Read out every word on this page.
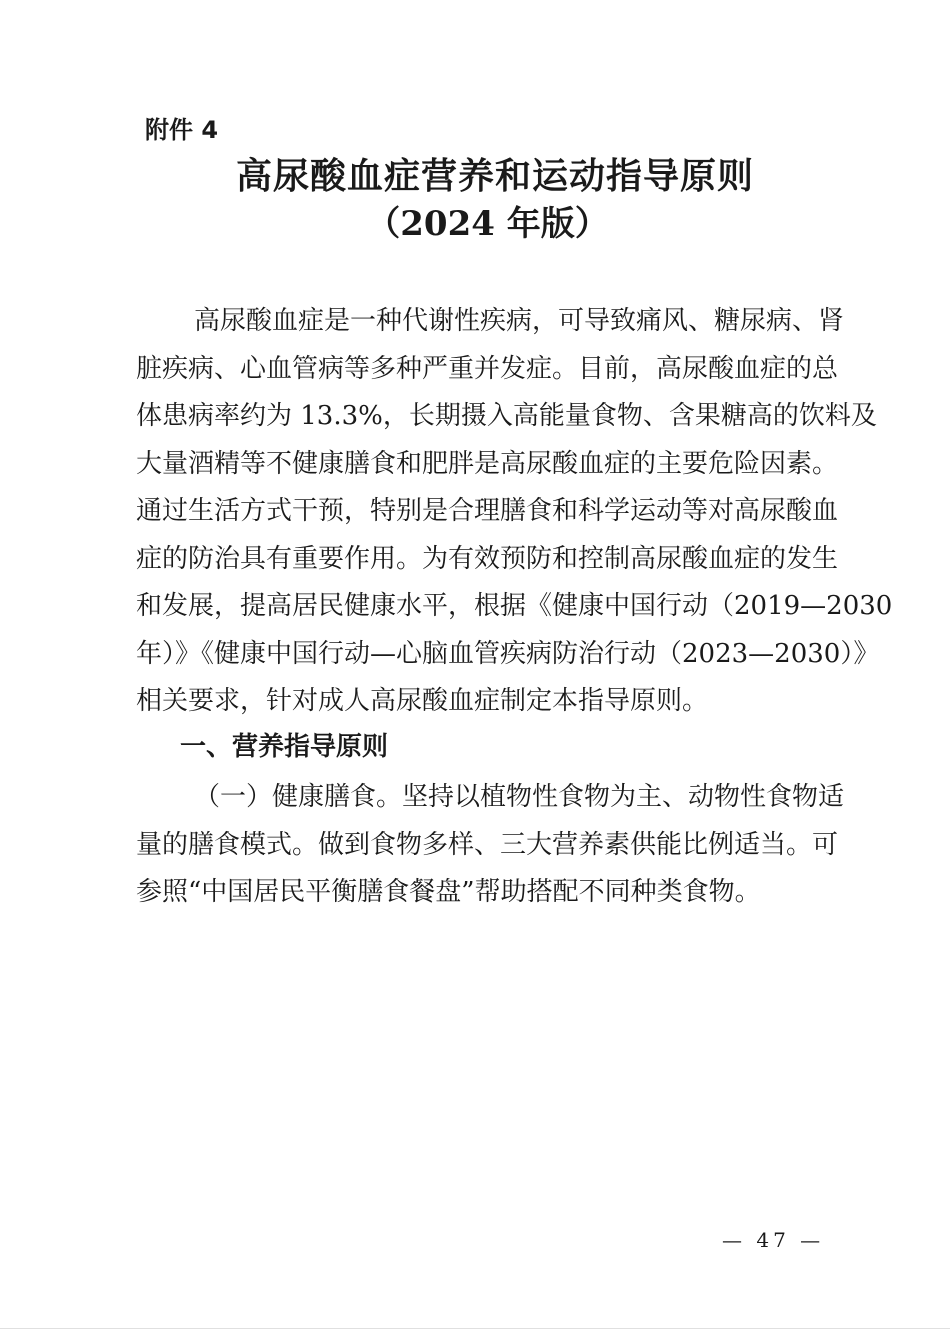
附件 4
高尿酸血症营养和运动指导原则
（2024 年版）
高尿酸血症是一种代谢性疾病，可导致痛风、糖尿病、肾
脏疾病、心血管病等多种严重并发症。目前，高尿酸血症的总
体患病率约为 13.3%，长期摄入高能量食物、含果糖高的饮料及
大量酒精等不健康膳食和肥胖是高尿酸血症的主要危险因素。
通过生活方式干预，特别是合理膳食和科学运动等对高尿酸血
症的防治具有重要作用。为有效预防和控制高尿酸血症的发生
和发展，提高居民健康水平，根据《健康中国行动（2019—2030
年）》《健康中国行动—心脑血管疾病防治行动（2023—2030）》
相关要求，针对成人高尿酸血症制定本指导原则。
一、营养指导原则
（一）健康膳食。坚持以植物性食物为主、动物性食物适
量的膳食模式。做到食物多样、三大营养素供能比例适当。可
参照“中国居民平衡膳食餐盘”帮助搭配不同种类食物。
— 47 —
